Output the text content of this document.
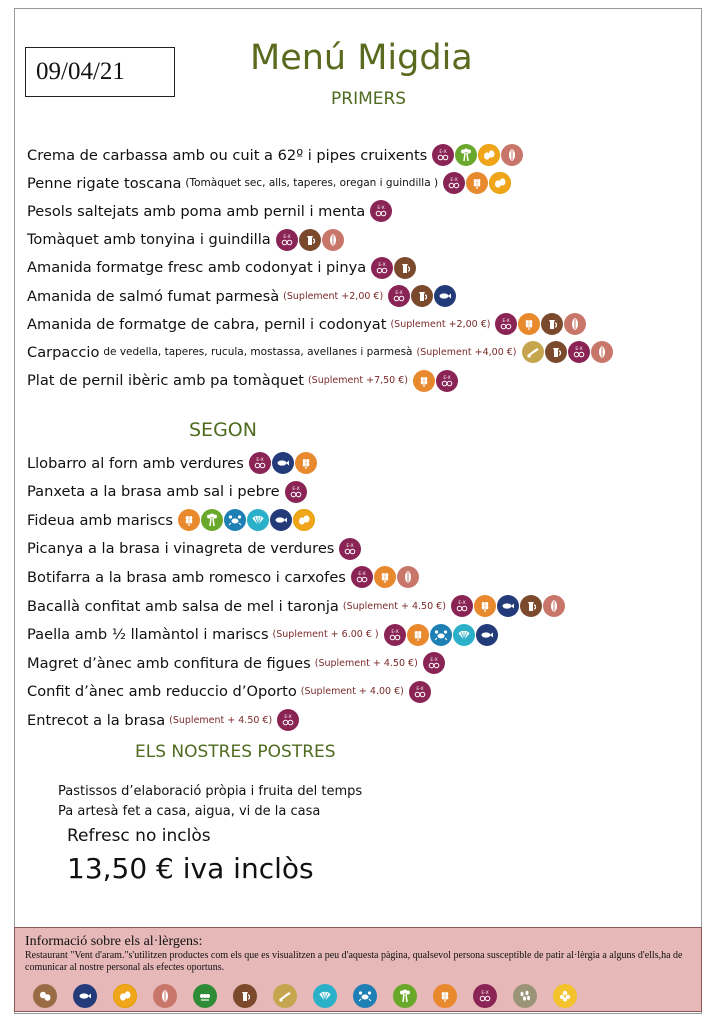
09/04/21	Menú Migdia
PRIMERS
Crema de carbassa amb ou cuit a 62º i pipes cruixents	E-X
Penne rigate toscana (Tomàquet sec, alls, taperes, oregan i guindilla )	E-X
Pesols saltejats amb poma amb pernil i menta	E-X
Tomàquet amb tonyina i guindilla	E-X
Amanida formatge fresc amb codonyat i pinya	E-X
Amanida de salmó fumat parmesà (Suplement +2,00 €)	E-X
Amanida de formatge de cabra, pernil i codonyat (Suplement +2,00 €)	E-X
Carpaccio de vedella, taperes, rucula, mostassa, avellanes i parmesà (Suplement +4,00 €)	E-X
Plat de pernil ibèric amb pa tomàquet (Suplement +7,50 €)	E-X
SEGON
Llobarro al forn amb verdures	E-X
Panxeta a la brasa amb sal i pebre	E-X
Fideua amb mariscs
Picanya a la brasa i vinagreta de verdures	E-X
Botifarra a la brasa amb romesco i carxofes	E-X
Bacallà confitat amb salsa de mel i taronja (Suplement + 4.50 €)	E-X
Paella amb ½ llamàntol i mariscs (Suplement + 6.00 € )	E-X
Magret d’ànec amb confitura de figues (Suplement + 4.50 €)	E-X
Confit d’ànec amb reduccio d’Oporto (Suplement + 4.00 €)	E-X
Entrecot a la brasa (Suplement + 4.50 €)	E-X
ELS NOSTRES POSTRES
Pastissos d’elaboració pròpia i fruita del temps
Pa artesà fet a casa, aigua, vi de la casa
Refresc no inclòs
13,50 € iva inclòs
Informació sobre els al·lèrgens:
Restaurant "Vent d'aram."s'utilitzen productes com els que es visualitzen a peu d'aquesta pàgina, qualsevol persona susceptible de patir al·lèrgia a alguns d'ells,ha de comunicar al nostre personal als efectes oportuns.
E-X
